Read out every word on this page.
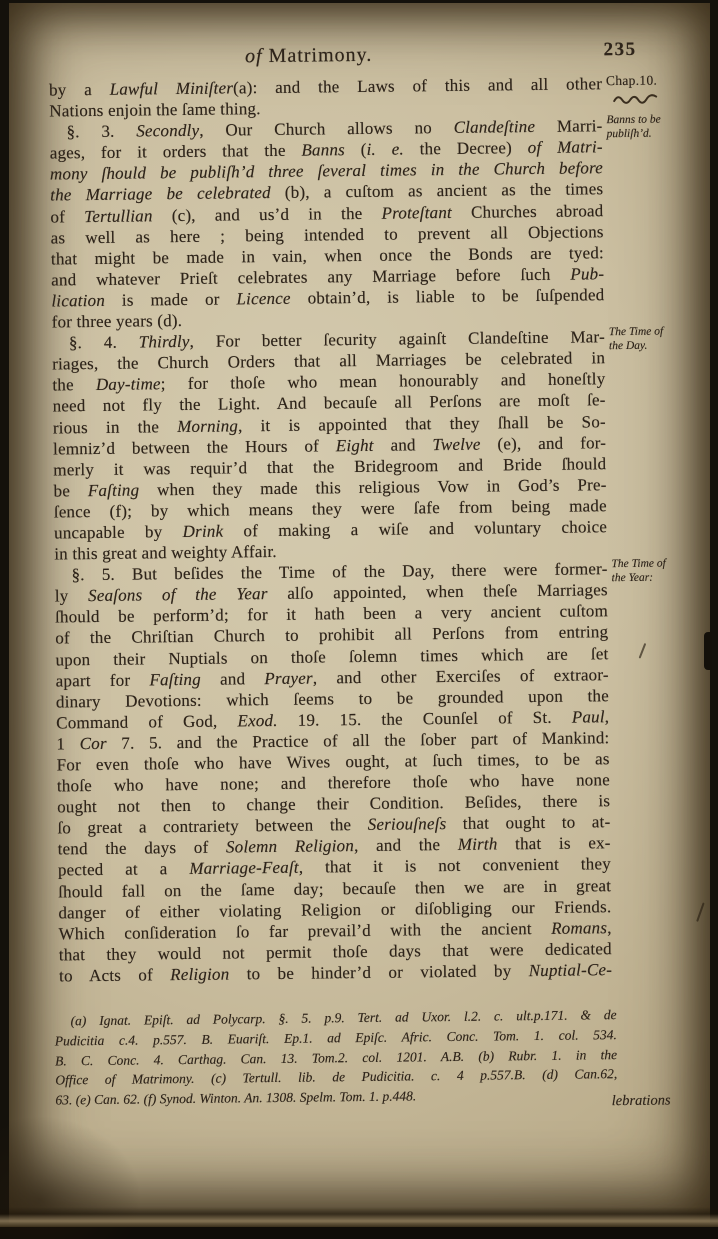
of Matrimony.	235
Chap.10.
by a Lawful Miniſter(a): and the Laws of this and all other
Nations enjoin the ſame thing.
§. 3. Secondly, Our Church allows no Clandeſtine Marri-
ages, for it orders that the Banns (i. e. the Decree) of Matri-
mony ſhould be publiſh’d three ſeveral times in the Church before
the Marriage be celebrated (b), a cuſtom as ancient as the times
of Tertullian (c), and us’d in the Proteſtant Churches abroad
as well as here ; being intended to prevent all Objections
that might be made in vain, when once the Bonds are tyed:
and whatever Prieſt celebrates any Marriage before ſuch Pub-
lication is made or Licence obtain’d, is liable to be ſuſpended
for three years (d).
§. 4. Thirdly, For better ſecurity againſt Clandeſtine Mar-
riages, the Church Orders that all Marriages be celebrated in
the Day-time; for thoſe who mean honourably and honeſtly
need not fly the Light. And becauſe all Perſons are moſt ſe-
rious in the Morning, it is appointed that they ſhall be So-
lemniz’d between the Hours of Eight and Twelve (e), and for-
merly it was requir’d that the Bridegroom and Bride ſhould
be Faſting when they made this religious Vow in God’s Pre-
ſence (f); by which means they were ſafe from being made
uncapable by Drink of making a wiſe and voluntary choice
in this great and weighty Affair.
§. 5. But beſides the Time of the Day, there were former-
ly Seaſons of the Year alſo appointed, when theſe Marriages
ſhould be perform’d; for it hath been a very ancient cuſtom
of the Chriſtian Church to prohibit all Perſons from entring
upon their Nuptials on thoſe ſolemn times which are ſet
apart for Faſting and Prayer, and other Exerciſes of extraor-
dinary Devotions: which ſeems to be grounded upon the
Command of God, Exod. 19. 15. the Counſel of St. Paul,
1 Cor 7. 5. and the Practice of all the ſober part of Mankind:
For even thoſe who have Wives ought, at ſuch times, to be as
thoſe who have none; and therefore thoſe who have none
ought not then to change their Condition. Beſides, there is
ſo great a contrariety between the Seriouſneſs that ought to at-
tend the days of Solemn Religion, and the Mirth that is ex-
pected at a Marriage-Feaſt, that it is not convenient they
ſhould fall on the ſame day; becauſe then we are in great
danger of either violating Religion or diſobliging our Friends.
Which conſideration ſo far prevail’d with the ancient Romans,
that they would not permit thoſe days that were dedicated
to Acts of Religion to be hinder’d or violated by Nuptial-Ce-
Banns to be publiſh’d.
The Time of the Day.
The Time of the Year:
(a) Ignat. Epiſt. ad Polycarp. §. 5. p.9. Tert. ad Uxor. l.2. c. ult.p.171. & de
Pudicitia c.4. p.557. B. Euariſt. Ep.1. ad Epiſc. Afric. Conc. Tom. 1. col. 534.
B. C. Conc. 4. Carthag. Can. 13. Tom.2. col. 1201. A.B. (b) Rubr. 1. in the
Office of Matrimony. (c) Tertull. lib. de Pudicitia. c. 4 p.557.B. (d) Can.62,
63. (e) Can. 62. (f) Synod. Winton. An. 1308. Spelm. Tom. 1. p.448.	lebrations
